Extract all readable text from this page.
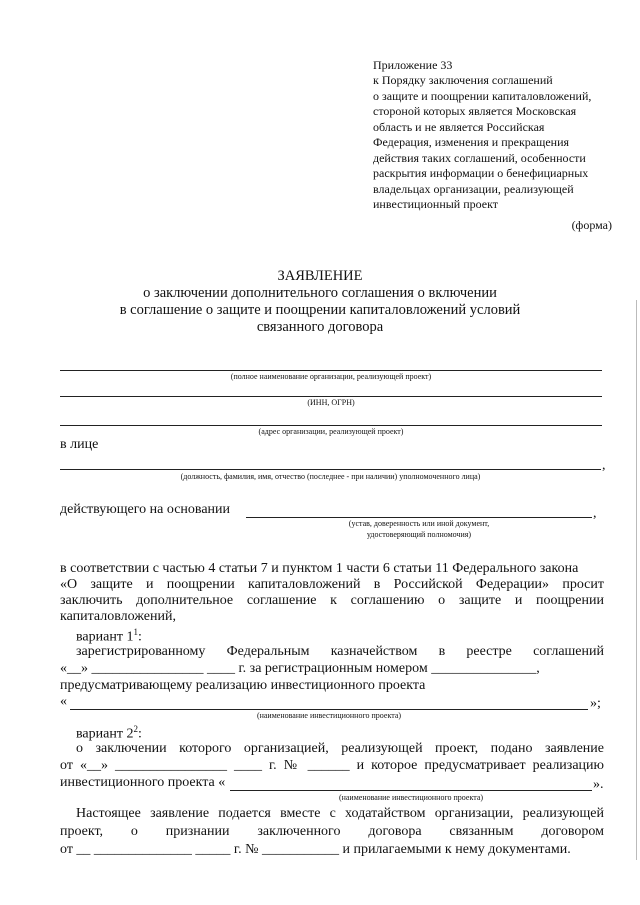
Приложение 33
к Порядку заключения соглашений
о защите и поощрении капиталовложений,
стороной которых является Московская
область и не является Российская
Федерация, изменения и прекращения
действия таких соглашений, особенности
раскрытия информации о бенефициарных
владельцах организации, реализующей
инвестиционный проект
(форма)
ЗАЯВЛЕНИЕ
о заключении дополнительного соглашения о включении
в соглашение о защите и поощрении капиталовложений условий
связанного договора
(полное наименование организации, реализующей проект)
(ИНН, ОГРН)
(адрес организации, реализующей проект)
в лице
,
(должность, фамилия, имя, отчество (последнее - при наличии) уполномоченного лица)
действующего на основании	,
(устав, доверенность или иной документ,
удостоверяющий полномочия)
в соответствии с частью 4 статьи 7 и пунктом 1 части 6 статьи 11 Федерального закона
«О защите и поощрении капиталовложений в Российской Федерации» просит
заключить дополнительное соглашение к соглашению о защите и поощрении
капиталовложений,
вариант $1^1$:
зарегистрированному Федеральным казначейством в реестре соглашений
«__» ________________ ____ г. за регистрационным номером _______________,
предусматривающему реализацию инвестиционного проекта
«	»;
(наименование инвестиционного проекта)
вариант $2^2$:
о заключении которого организацией, реализующей проект, подано заявление
от «__» ________________ ____ г. № ______ и которое предусматривает реализацию
инвестиционного проекта «	».
(наименование инвестиционного проекта)
Настоящее заявление подается вместе с ходатайством организации, реализующей
проект, о признании заключенного договора связанным договором
от __ ______________ _____ г. № ___________ и прилагаемыми к нему документами.
